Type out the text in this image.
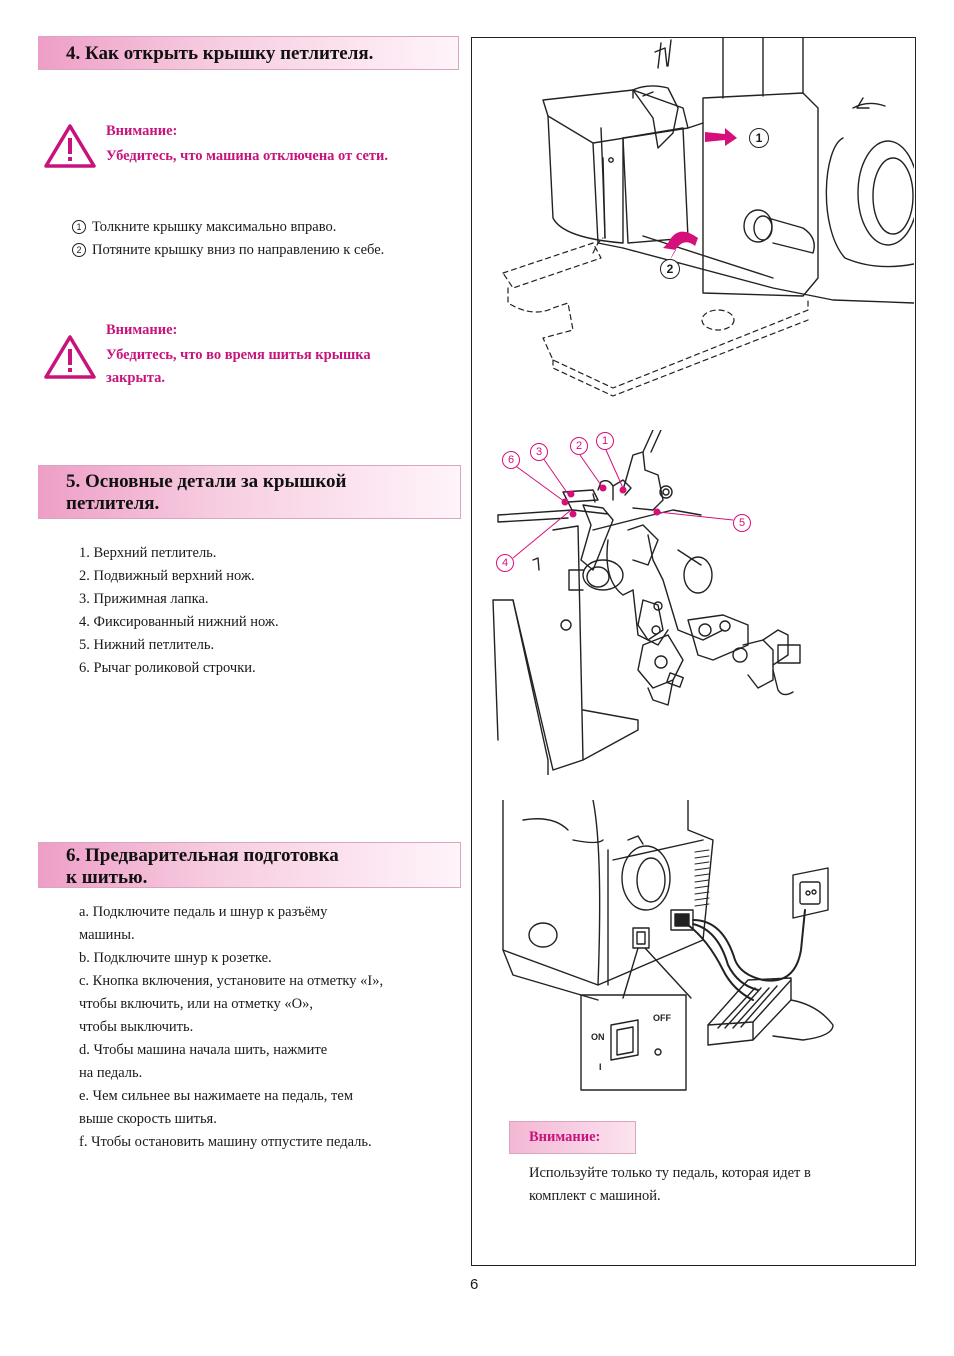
4. Как открыть крышку петлителя.
Внимание:
Убедитесь, что машина отключена от сети.
1 Толкните крышку максимально вправо.
2 Потяните крышку вниз по направлению к себе.
Внимание:
Убедитесь, что во время шитья крышка
закрыта.
5. Основные детали за крышкой
петлителя.
1. Верхний петлитель.
2. Подвижный верхний нож.
3. Прижимная лапка.
4. Фиксированный нижний нож.
5. Нижний петлитель.
6. Рычаг роликовой строчки.
6. Предварительная подготовка
к шитью.
a. Подключите педаль и шнур к разъёму
машины.
b. Подключите шнур к розетке.
c. Кнопка включения, установите на отметку «I»,
чтобы включить, или на отметку «О»,
чтобы выключить.
d. Чтобы машина начала шить, нажмите
на педаль.
e. Чем сильнее вы нажимаете на педаль, тем
выше скорость шитья.
f. Чтобы остановить машину отпустите педаль.
1
2
6
3	2	1
5
4
ON
OFF
I
Внимание:
Используйте только ту педаль, которая идет в
комплект с машиной.
6
